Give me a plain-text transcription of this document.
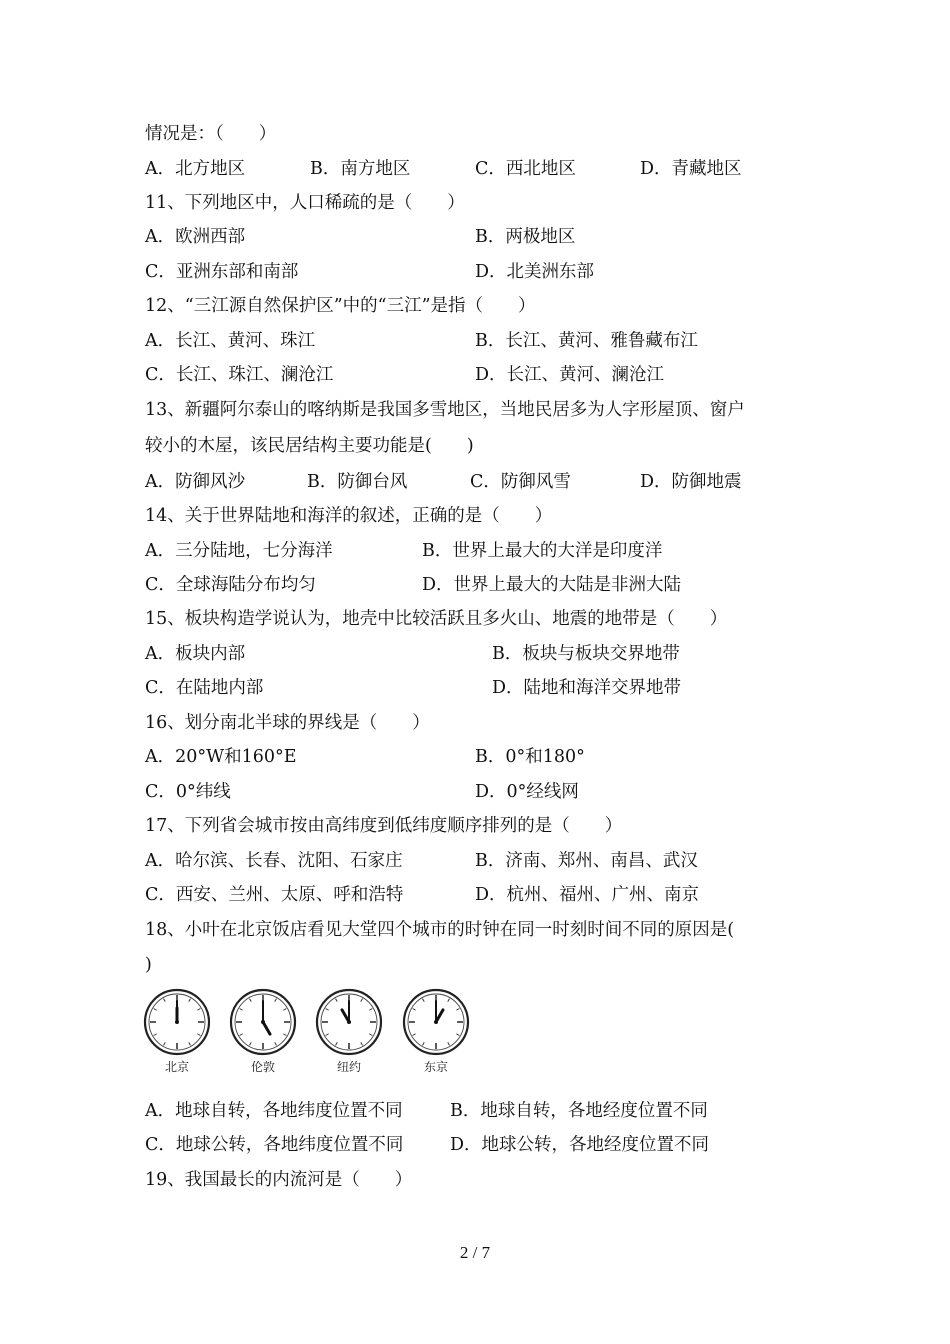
情况是：（　　）
A．北方地区	B．南方地区	C．西北地区	D．青藏地区
11、下列地区中，人口稀疏的是（　　）
A．欧洲西部	B．两极地区
C．亚洲东部和南部	D．北美洲东部
12、“三江源自然保护区”中的“三江”是指（　　）
A．长江、黄河、珠江	B．长江、黄河、雅鲁藏布江
C．长江、珠江、澜沧江	D．长江、黄河、澜沧江
13、新疆阿尔泰山的喀纳斯是我国多雪地区，当地民居多为人字形屋顶、窗户
较小的木屋，该民居结构主要功能是(　　)
A．防御风沙	B．防御台风	C．防御风雪	D．防御地震
14、关于世界陆地和海洋的叙述，正确的是（　　）
A．三分陆地，七分海洋	B．世界上最大的大洋是印度洋
C．全球海陆分布均匀	D．世界上最大的大陆是非洲大陆
15、板块构造学说认为，地壳中比较活跃且多火山、地震的地带是（　　）
A．板块内部	B．板块与板块交界地带
C．在陆地内部	D．陆地和海洋交界地带
16、划分南北半球的界线是（　　）
A．20°W和160°E	B．0°和180°
C．0°纬线	D．0°经线网
17、下列省会城市按由高纬度到低纬度顺序排列的是（　　）
A．哈尔滨、长春、沈阳、石家庄	B．济南、郑州、南昌、武汉
C．西安、兰州、太原、呼和浩特	D．杭州、福州、广州、南京
18、小叶在北京饭店看见大堂四个城市的时钟在同一时刻时间不同的原因是(
)
北京	伦敦	纽约	东京
A．地球自转，各地纬度位置不同	B．地球自转，各地经度位置不同
C．地球公转，各地纬度位置不同	D．地球公转，各地经度位置不同
19、我国最长的内流河是（　　）
2 / 7
